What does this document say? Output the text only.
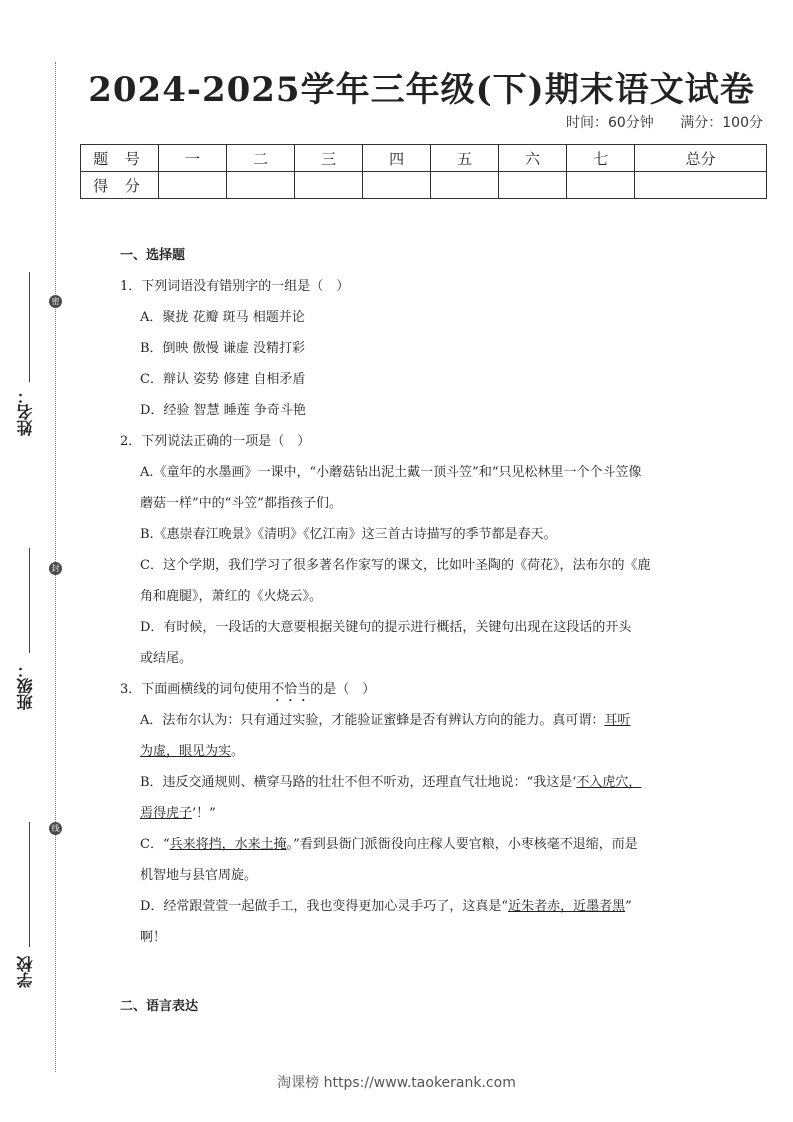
密
封
线
姓名：
班级：
学校
2024-2025学年三年级(下)期末语文试卷
时间：60分钟 满分：100分
题 号	一	二	三	四	五	六	七	总分
得 分								
一、选择题
1．下列词语没有错别字的一组是（　）
A．聚拢 花瓣 斑马 相题并论
B．倒映 傲慢 谦虚 没精打彩
C．辩认 姿势 修建 自相矛盾
D．经验 智慧 睡莲 争奇斗艳
2．下列说法正确的一项是（　）
A.《童年的水墨画》一课中，“小蘑菇钻出泥土戴一顶斗笠”和“只见松林里一个个斗笠像
蘑菇一样”中的“斗笠”都指孩子们。
B.《惠崇春江晚景》《清明》《忆江南》这三首古诗描写的季节都是春天。
C．这个学期，我们学习了很多著名作家写的课文，比如叶圣陶的《荷花》，法布尔的《鹿
角和鹿腿》，萧红的《火烧云》。
D．有时候，一段话的大意要根据关键句的提示进行概括，关键句出现在这段话的开头
或结尾。
3．下面画横线的词句使用不恰当的是（　）
A．法布尔认为：只有通过实验，才能验证蜜蜂是否有辨认方向的能力。真可谓：耳听
为虚，眼见为实。
B．违反交通规则、横穿马路的壮壮不但不听劝，还理直气壮地说：“我这是‘不入虎穴，
焉得虎子’！”
C．“兵来将挡，水来土掩。”看到县衙门派衙役向庄稼人要官粮，小枣核毫不退缩，而是
机智地与县官周旋。
D．经常跟萱萱一起做手工，我也变得更加心灵手巧了，这真是“近朱者赤，近墨者黑”
啊！
二、语言表达
淘课榜 https://www.taokerank.com
